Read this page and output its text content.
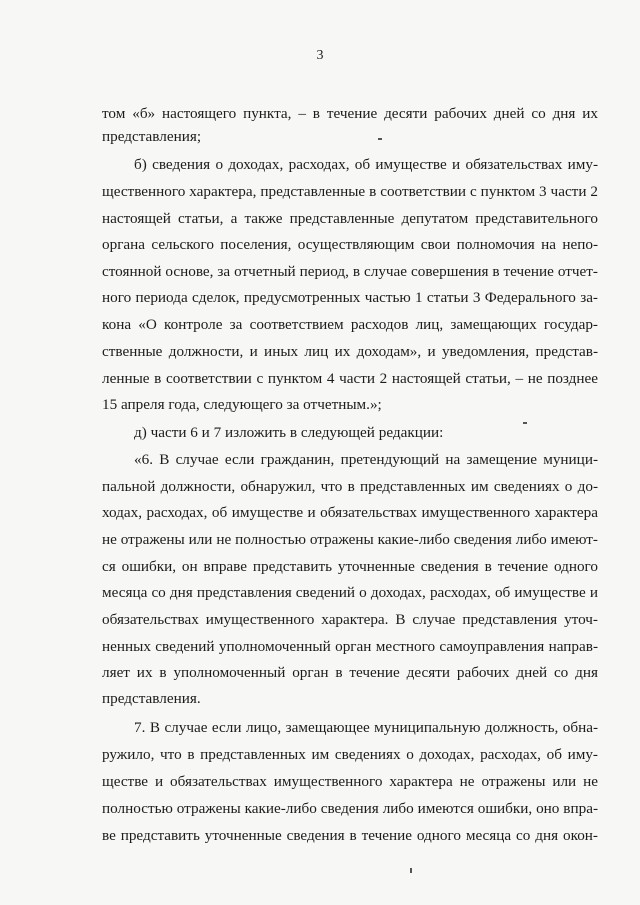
3
том «б» настоящего пункта, – в течение десяти рабочих дней со дня их
представления;
б) сведения о доходах, расходах, об имуществе и обязательствах иму-
щественного характера, представленные в соответствии с пунктом 3 части 2
настоящей статьи, а также представленные депутатом представительного
органа сельского поселения, осуществляющим свои полномочия на непо-
стоянной основе, за отчетный период, в случае совершения в течение отчет-
ного периода сделок, предусмотренных частью 1 статьи 3 Федерального за-
кона «О контроле за соответствием расходов лиц, замещающих государ-
ственные должности, и иных лиц их доходам», и уведомления, представ-
ленные в соответствии с пунктом 4 части 2 настоящей статьи, – не позднее
15 апреля года, следующего за отчетным.»;
д) части 6 и 7 изложить в следующей редакции:
«6. В случае если гражданин, претендующий на замещение муници-
пальной должности, обнаружил, что в представленных им сведениях о до-
ходах, расходах, об имуществе и обязательствах имущественного характера
не отражены или не полностью отражены какие-либо сведения либо имеют-
ся ошибки, он вправе представить уточненные сведения в течение одного
месяца со дня представления сведений о доходах, расходах, об имуществе и
обязательствах имущественного характера. В случае представления уточ-
ненных сведений уполномоченный орган местного самоуправления направ-
ляет их в уполномоченный орган в течение десяти рабочих дней со дня
представления.
7. В случае если лицо, замещающее муниципальную должность, обна-
ружило, что в представленных им сведениях о доходах, расходах, об иму-
ществе и обязательствах имущественного характера не отражены или не
полностью отражены какие-либо сведения либо имеются ошибки, оно впра-
ве представить уточненные сведения в течение одного месяца со дня окон-
